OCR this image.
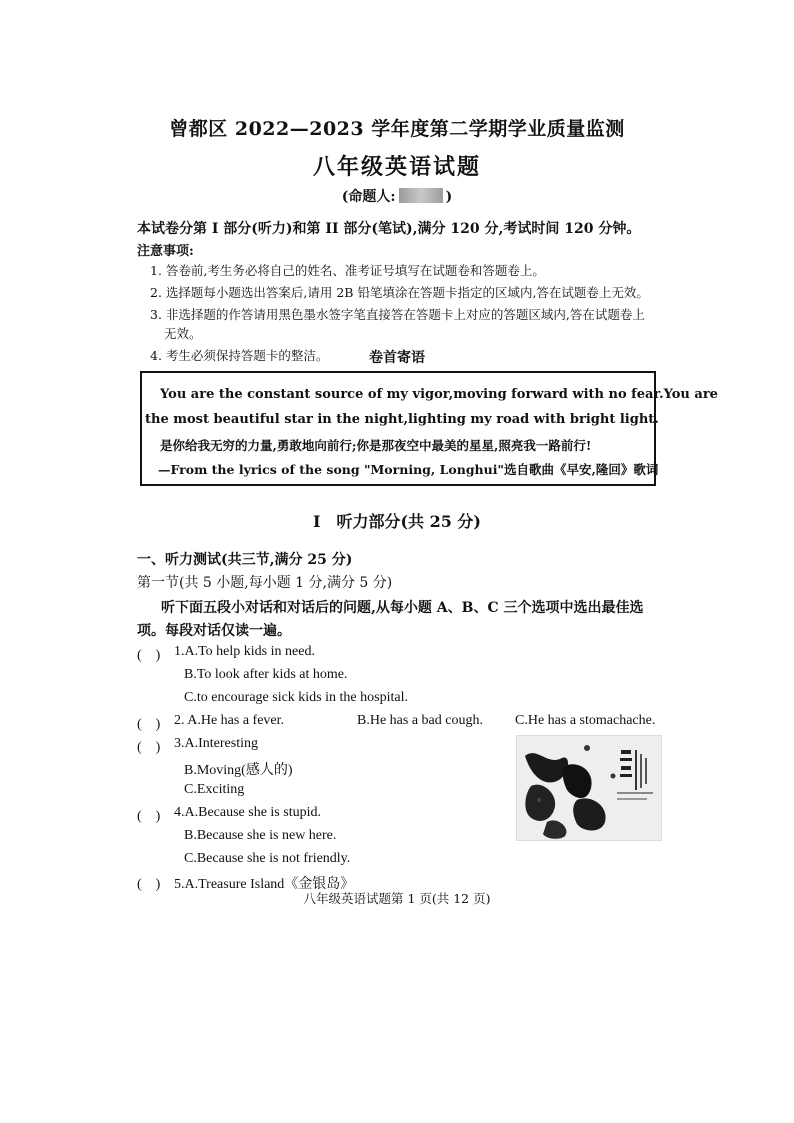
曾都区 2022—2023 学年度第二学期学业质量监测
八年级英语试题
(命题人:	)
本试卷分第 I 部分(听力)和第 II 部分(笔试),满分 120 分,考试时间 120 分钟。
注意事项:
1. 答卷前,考生务必将自己的姓名、准考证号填写在试题卷和答题卷上。
2. 选择题每小题选出答案后,请用 2B 铅笔填涂在答题卡指定的区域内,答在试题卷上无效。
3. 非选择题的作答请用黑色墨水签字笔直接答在答题卡上对应的答题区域内,答在试题卷上
无效。
4. 考生必须保持答题卡的整洁。	卷首寄语
You are the constant source of my vigor,moving forward with no fear.You are
the most beautiful star in the night,lighting my road with bright light.
是你给我无穷的力量,勇敢地向前行;你是那夜空中最美的星星,照亮我一路前行!
—From the lyrics of the song "Morning, Longhui"选自歌曲《早安,隆回》歌词
I　听力部分(共 25 分)
一、听力测试(共三节,满分 25 分)
第一节(共 5 小题,每小题 1 分,满分 5 分)
听下面五段小对话和对话后的问题,从每小题 A、B、C 三个选项中选出最佳选
项。每段对话仅读一遍。
(　) 1.A.To help kids in need.
B.To look after kids at home.
C.to encourage sick kids in the hospital.
(　) 2. A.He has a fever.	B.He has a bad cough. C.He has a stomachache.
(　) 3.A.Interesting
B.Moving(感人的)
C.Exciting
(　) 4.A.Because she is stupid.
B.Because she is new here.
C.Because she is not friendly.
(　) 5.A.Treasure Island《金银岛》
八年级英语试题第 1 页(共 12 页)
